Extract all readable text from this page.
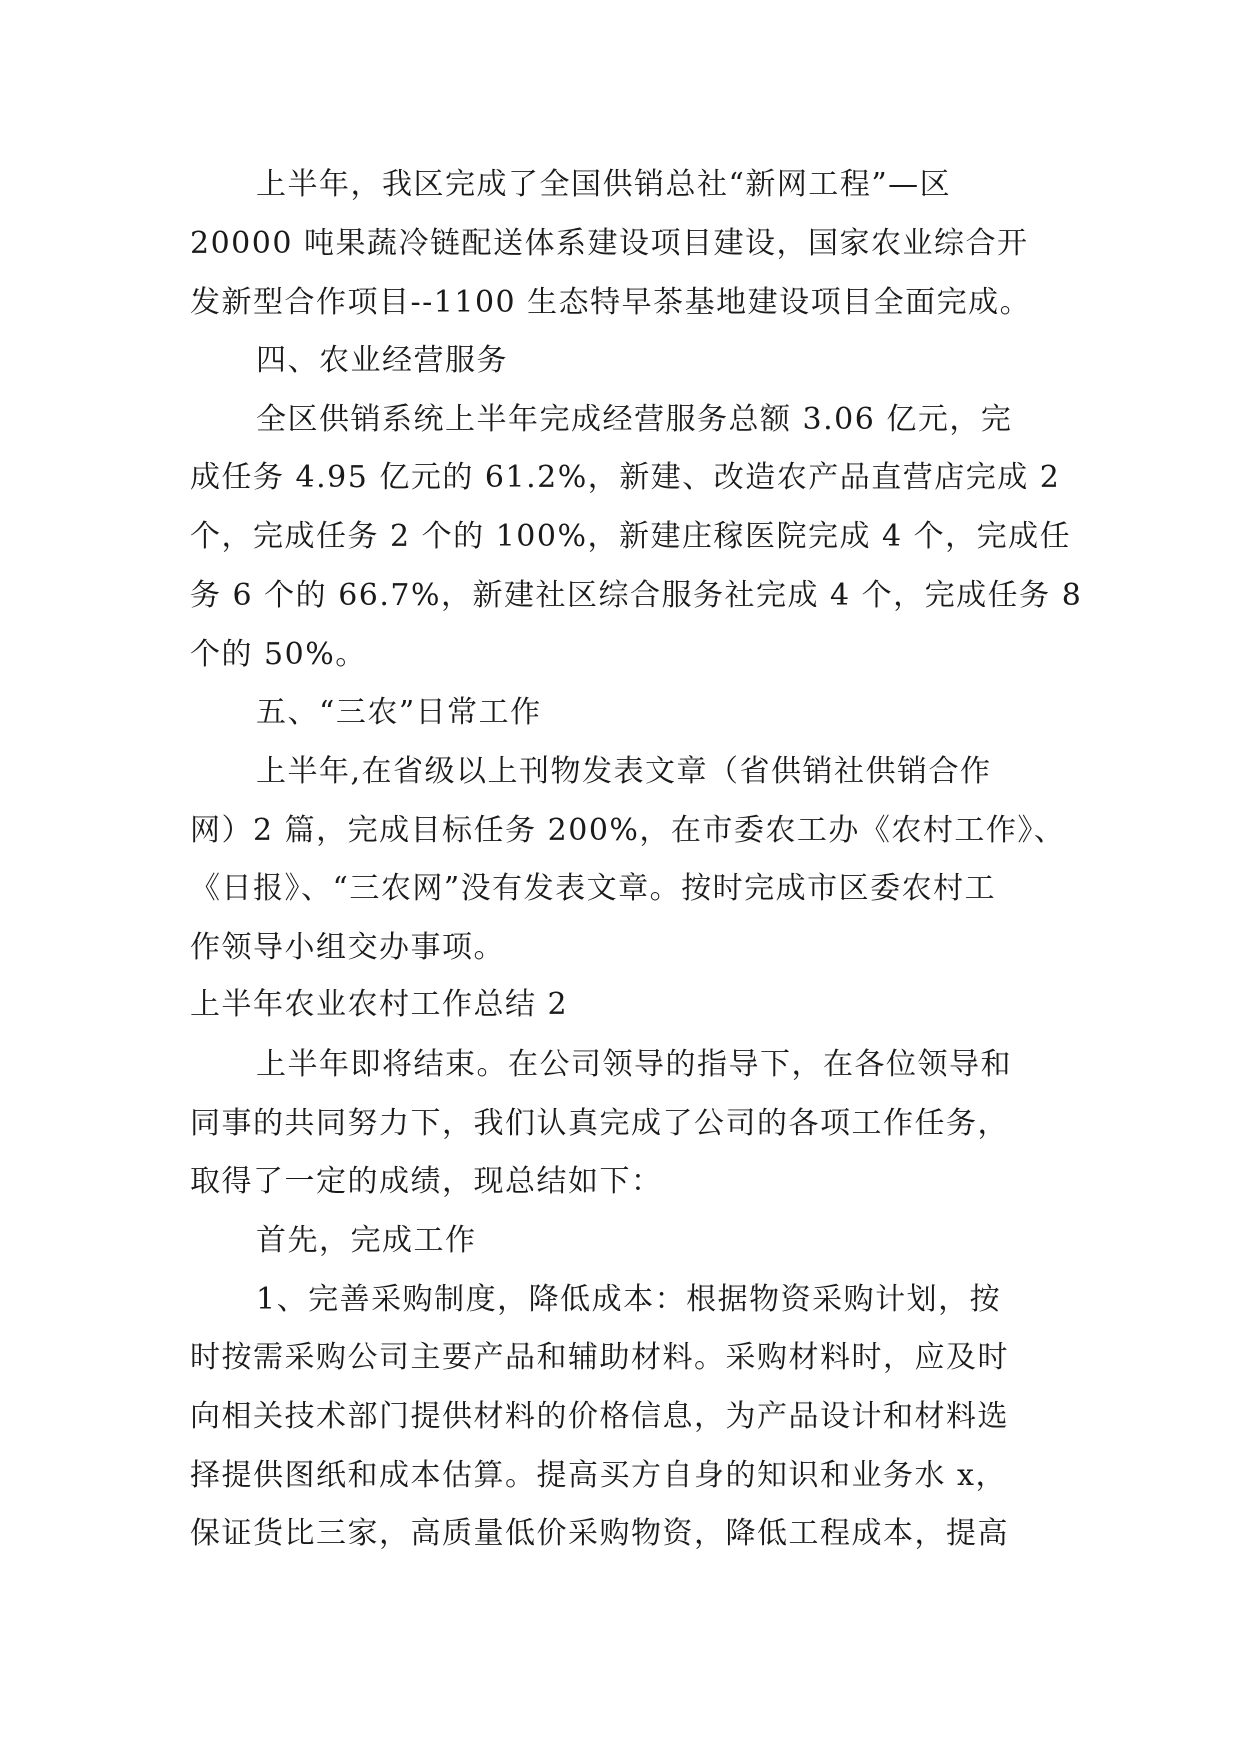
上半年，我区完成了全国供销总社“新网工程”—区
20000 吨果蔬冷链配送体系建设项目建设，国家农业综合开
发新型合作项目--1100 生态特早茶基地建设项目全面完成。
四、农业经营服务
全区供销系统上半年完成经营服务总额 3.06 亿元，完
成任务 4.95 亿元的 61.2%，新建、改造农产品直营店完成 2
个，完成任务 2 个的 100%，新建庄稼医院完成 4 个，完成任
务 6 个的 66.7%，新建社区综合服务社完成 4 个，完成任务 8
个的 50%。
五、“三农”日常工作
上半年,在省级以上刊物发表文章（省供销社供销合作
网）2 篇，完成目标任务 200%，在市委农工办《农村工作》、
《日报》、“三农网”没有发表文章。按时完成市区委农村工
作领导小组交办事项。
上半年农业农村工作总结 2
上半年即将结束。在公司领导的指导下，在各位领导和
同事的共同努力下，我们认真完成了公司的各项工作任务，
取得了一定的成绩，现总结如下：
首先，完成工作
1、完善采购制度，降低成本：根据物资采购计划，按
时按需采购公司主要产品和辅助材料。采购材料时，应及时
向相关技术部门提供材料的价格信息，为产品设计和材料选
择提供图纸和成本估算。提高买方自身的知识和业务水 x，
保证货比三家，高质量低价采购物资，降低工程成本，提高
